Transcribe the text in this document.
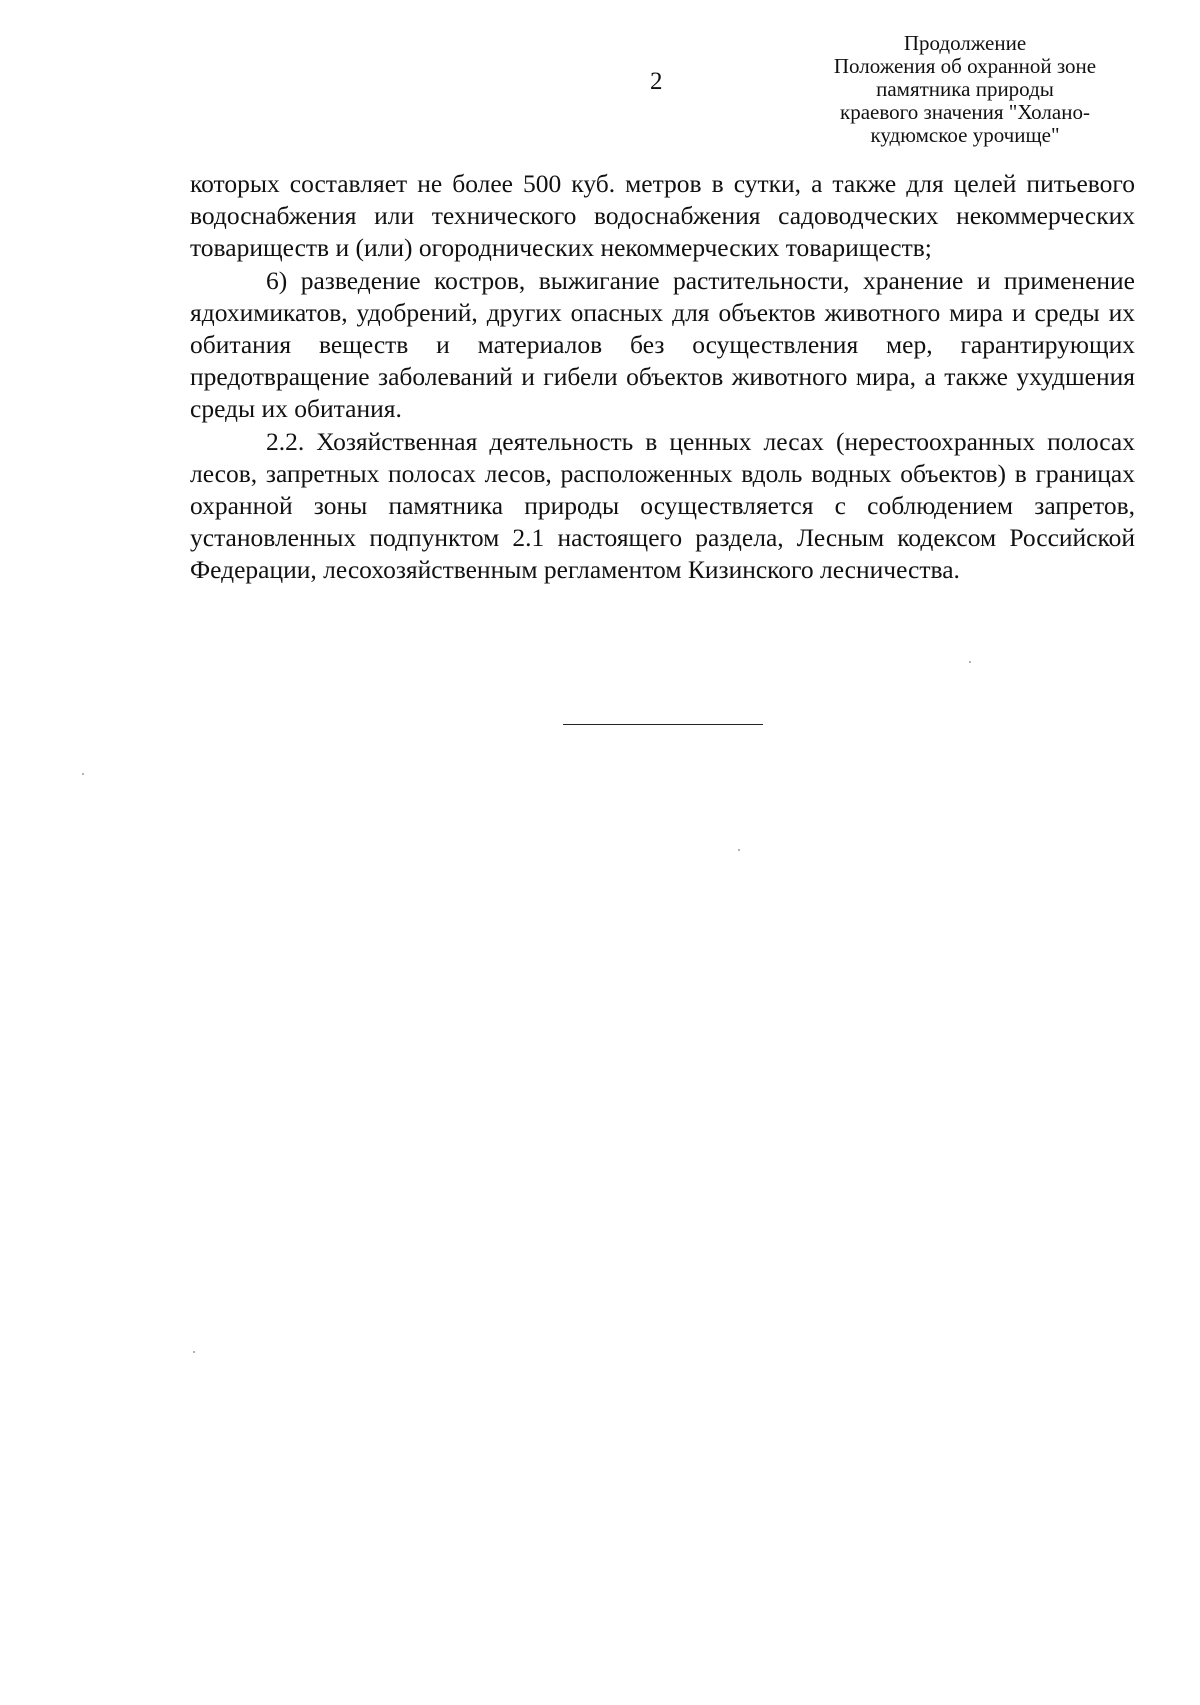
2
Продолжение
Положения об охранной зоне
памятника природы
краевого значения "Холано-
кудюмское урочище"

которых составляет не более 500 куб. метров в сутки, а также для целей питьевого водоснабжения или технического водоснабжения садоводческих некоммерческих товариществ и (или) огороднических некоммерческих товариществ;

6) разведение костров, выжигание растительности, хранение и применение ядохимикатов, удобрений, других опасных для объектов животного мира и среды их обитания веществ и материалов без осуществления мер, гарантирующих предотвращение заболеваний и гибели объектов животного мира, а также ухудшения среды их обитания.

2.2. Хозяйственная деятельность в ценных лесах (нерестоохранных полосах лесов, запретных полосах лесов, расположенных вдоль водных объектов) в границах охранной зоны памятника природы осуществляется с соблюдением запретов, установленных подпунктом 2.1 настоящего раздела, Лесным кодексом Российской Федерации, лесохозяйственным регламентом Кизинского лесничества.
